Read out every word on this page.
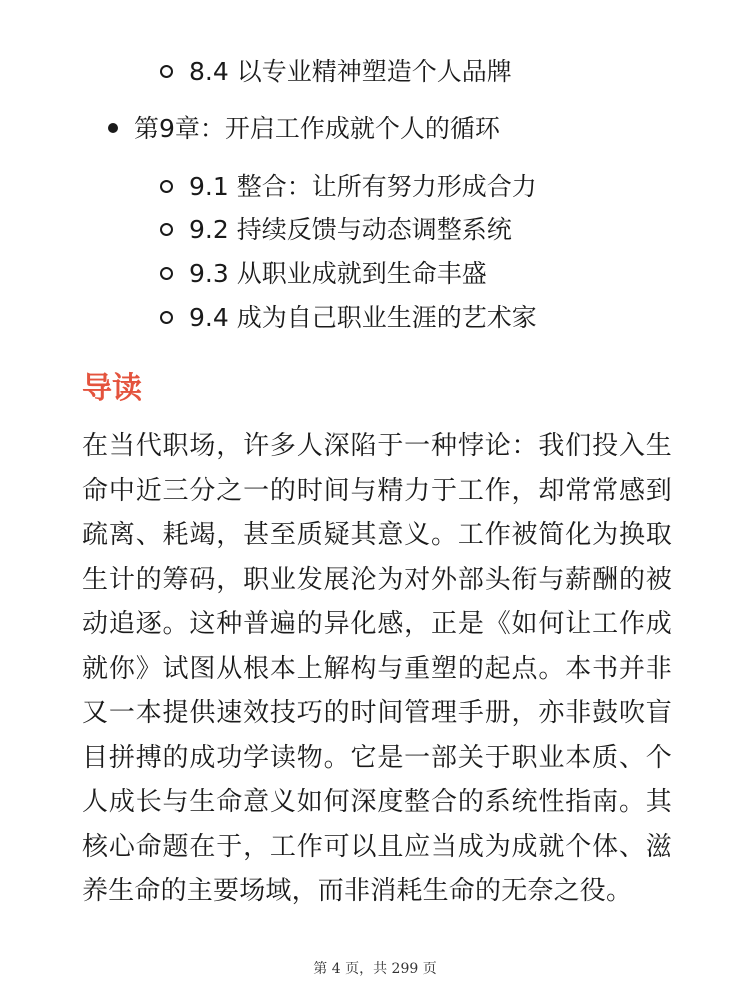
8.4 以专业精神塑造个人品牌
第9章：开启工作成就个人的循环
9.1 整合：让所有努力形成合力
9.2 持续反馈与动态调整系统
9.3 从职业成就到生命丰盛
9.4 成为自己职业生涯的艺术家
导读

在当代职场，许多人深陷于一种悖论：我们投入生命中近三分之一的时间与精力于工作，却常常感到疏离、耗竭，甚至质疑其意义。工作被简化为换取生计的筹码，职业发展沦为对外部头衔与薪酬的被动追逐。这种普遍的异化感，正是《如何让工作成就你》试图从根本上解构与重塑的起点。本书并非又一本提供速效技巧的时间管理手册，亦非鼓吹盲目拼搏的成功学读物。它是一部关于职业本质、个人成长与生命意义如何深度整合的系统性指南。其核心命题在于，工作可以且应当成为成就个体、滋养生命的主要场域，而非消耗生命的无奈之役。

第 4 页，共 299 页
